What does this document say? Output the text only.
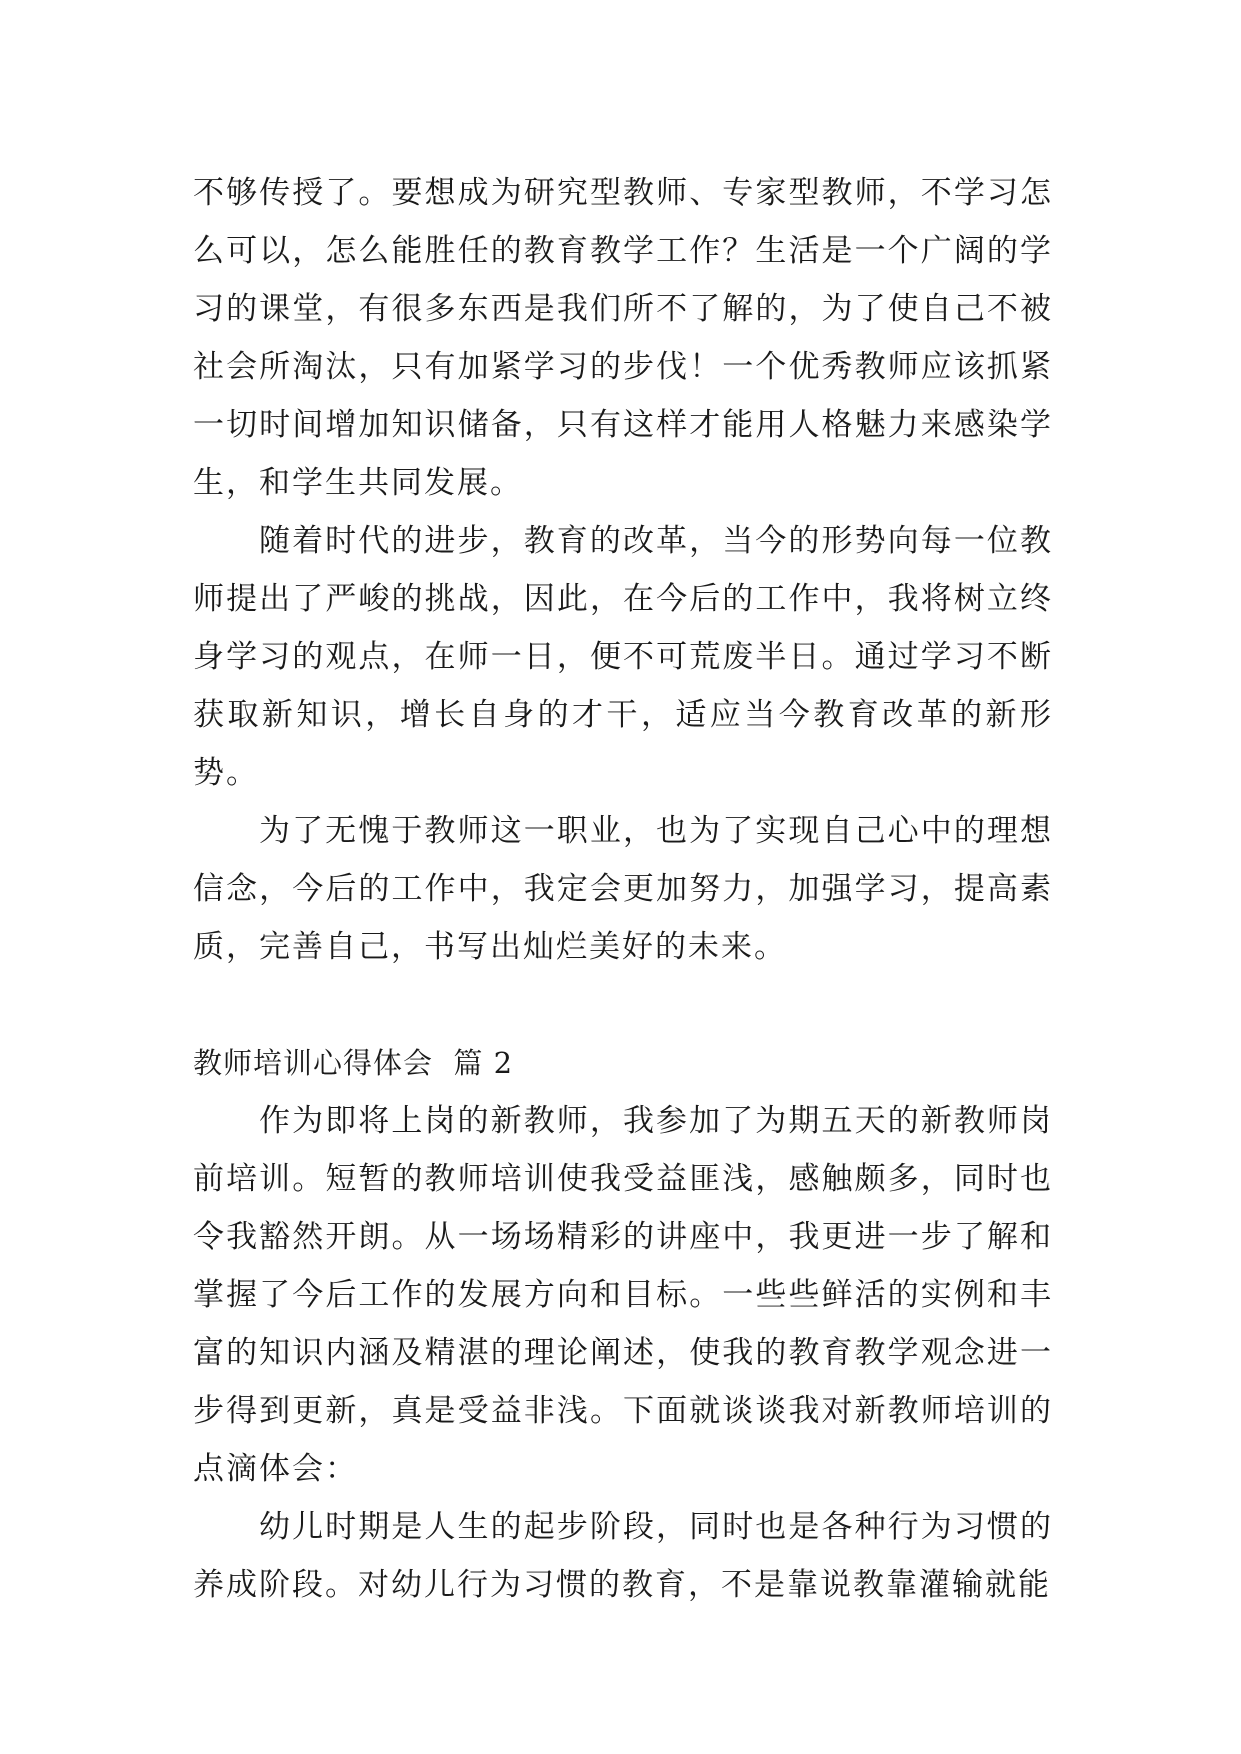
不够传授了。要想成为研究型教师、专家型教师，不学习怎么可以，怎么能胜任的教育教学工作？生活是一个广阔的学习的课堂，有很多东西是我们所不了解的，为了使自己不被社会所淘汰，只有加紧学习的步伐！一个优秀教师应该抓紧一切时间增加知识储备，只有这样才能用人格魅力来感染学生，和学生共同发展。

随着时代的进步，教育的改革，当今的形势向每一位教师提出了严峻的挑战，因此，在今后的工作中，我将树立终身学习的观点，在师一日，便不可荒废半日。通过学习不断获取新知识，增长自身的才干，适应当今教育改革的新形势。

为了无愧于教师这一职业，也为了实现自己心中的理想信念，今后的工作中，我定会更加努力，加强学习，提高素质，完善自己，书写出灿烂美好的未来。

教师培训心得体会  篇 2

作为即将上岗的新教师，我参加了为期五天的新教师岗前培训。短暂的教师培训使我受益匪浅，感触颇多，同时也令我豁然开朗。从一场场精彩的讲座中，我更进一步了解和掌握了今后工作的发展方向和目标。一些些鲜活的实例和丰富的知识内涵及精湛的理论阐述，使我的教育教学观念进一步得到更新，真是受益非浅。下面就谈谈我对新教师培训的点滴体会：

幼儿时期是人生的起步阶段，同时也是各种行为习惯的养成阶段。对幼儿行为习惯的教育，不是靠说教靠灌输就能
